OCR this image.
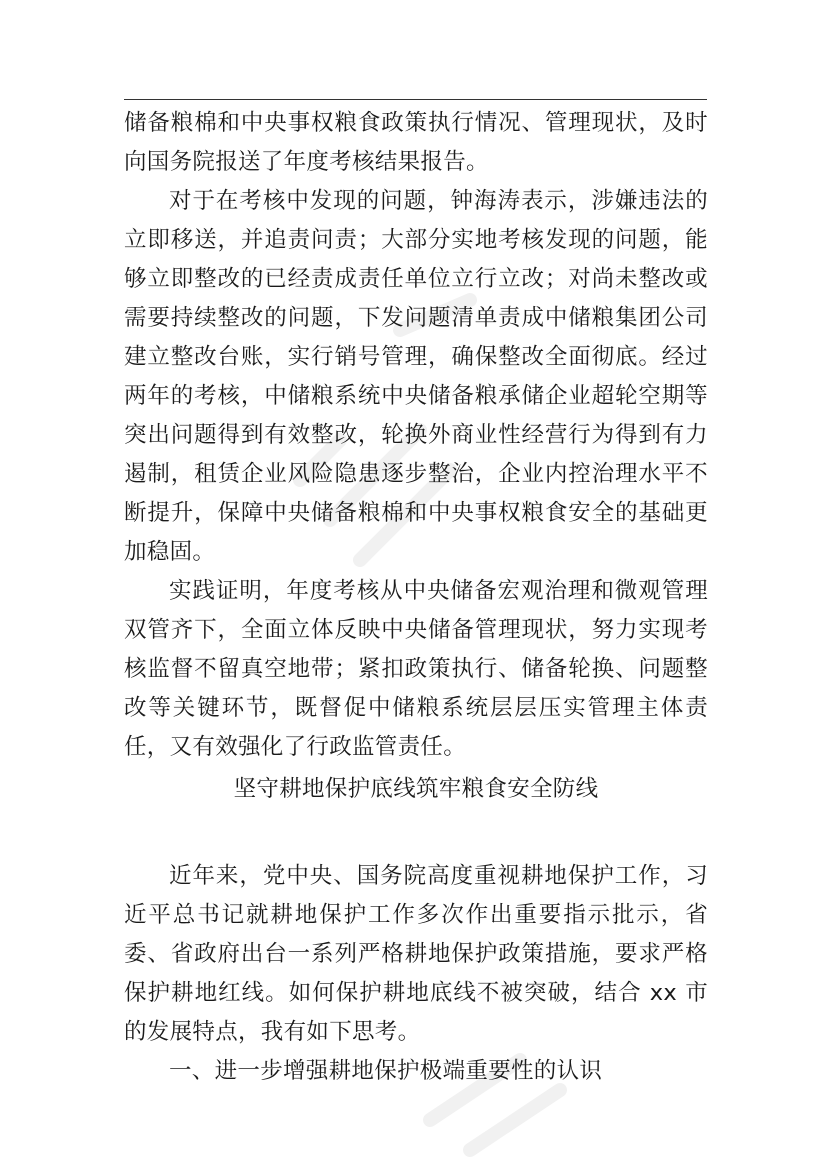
储备粮棉和中央事权粮食政策执行情况、管理现状，及时向国务院报送了年度考核结果报告。

对于在考核中发现的问题，钟海涛表示，涉嫌违法的立即移送，并追责问责；大部分实地考核发现的问题，能够立即整改的已经责成责任单位立行立改；对尚未整改或需要持续整改的问题，下发问题清单责成中储粮集团公司建立整改台账，实行销号管理，确保整改全面彻底。经过两年的考核，中储粮系统中央储备粮承储企业超轮空期等突出问题得到有效整改，轮换外商业性经营行为得到有力遏制，租赁企业风险隐患逐步整治，企业内控治理水平不断提升，保障中央储备粮棉和中央事权粮食安全的基础更加稳固。

实践证明，年度考核从中央储备宏观治理和微观管理双管齐下，全面立体反映中央储备管理现状，努力实现考核监督不留真空地带；紧扣政策执行、储备轮换、问题整改等关键环节，既督促中储粮系统层层压实管理主体责任，又有效强化了行政监管责任。

坚守耕地保护底线筑牢粮食安全防线

近年来，党中央、国务院高度重视耕地保护工作，习近平总书记就耕地保护工作多次作出重要指示批示，省委、省政府出台一系列严格耕地保护政策措施，要求严格保护耕地红线。如何保护耕地底线不被突破，结合 xx 市的发展特点，我有如下思考。

一、进一步增强耕地保护极端重要性的认识
